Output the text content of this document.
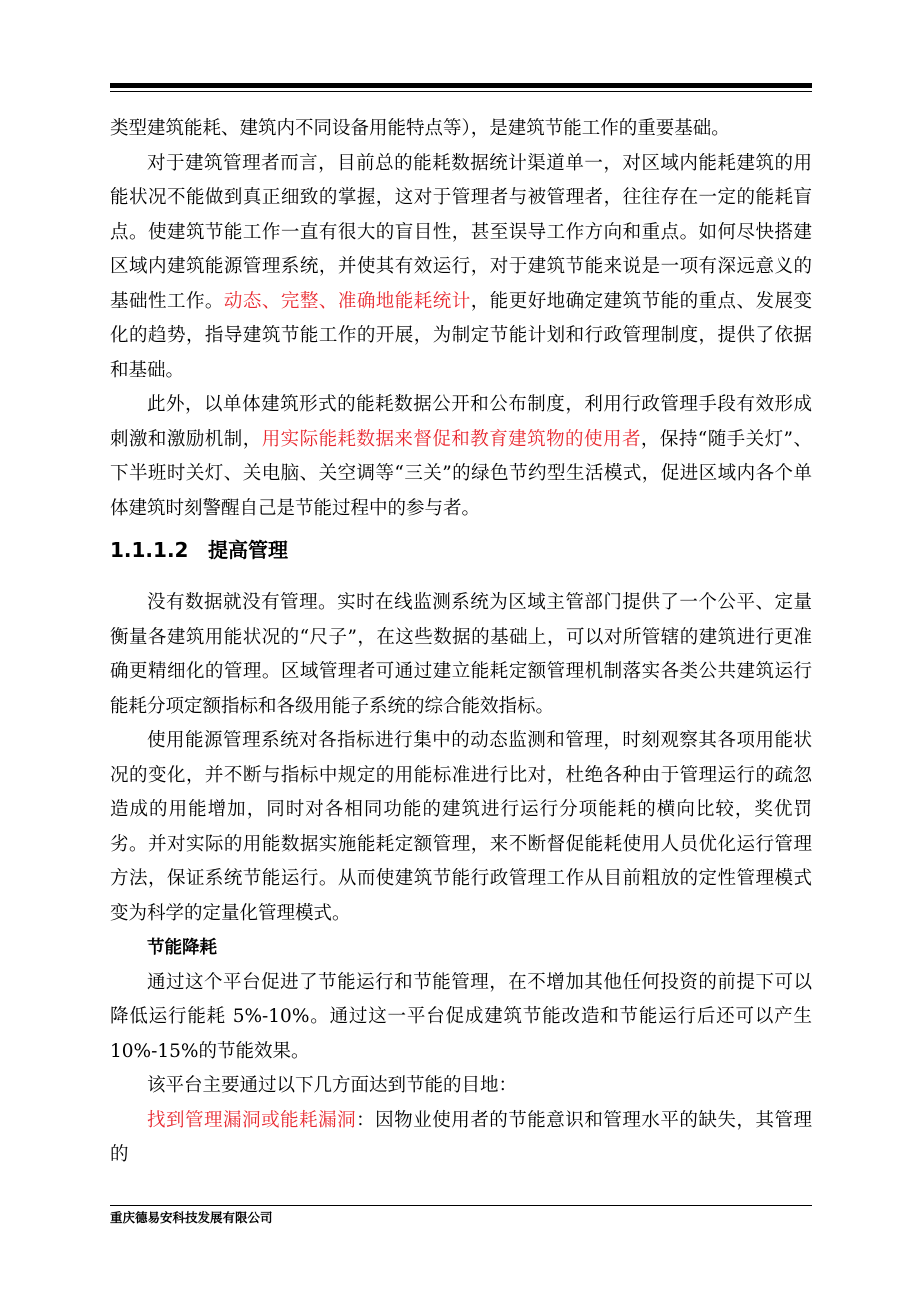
类型建筑能耗、建筑内不同设备用能特点等），是建筑节能工作的重要基础。

对于建筑管理者而言，目前总的能耗数据统计渠道单一，对区域内能耗建筑的用能状况不能做到真正细致的掌握，这对于管理者与被管理者，往往存在一定的能耗盲点。使建筑节能工作一直有很大的盲目性，甚至误导工作方向和重点。如何尽快搭建区域内建筑能源管理系统，并使其有效运行，对于建筑节能来说是一项有深远意义的基础性工作。动态、完整、准确地能耗统计，能更好地确定建筑节能的重点、发展变化的趋势，指导建筑节能工作的开展，为制定节能计划和行政管理制度，提供了依据和基础。

此外，以单体建筑形式的能耗数据公开和公布制度，利用行政管理手段有效形成刺激和激励机制，用实际能耗数据来督促和教育建筑物的使用者，保持“随手关灯”、下半班时关灯、关电脑、关空调等“三关”的绿色节约型生活模式，促进区域内各个单体建筑时刻警醒自己是节能过程中的参与者。

1.1.1.2 提高管理

没有数据就没有管理。实时在线监测系统为区域主管部门提供了一个公平、定量衡量各建筑用能状况的“尺子”，在这些数据的基础上，可以对所管辖的建筑进行更准确更精细化的管理。区域管理者可通过建立能耗定额管理机制落实各类公共建筑运行能耗分项定额指标和各级用能子系统的综合能效指标。

使用能源管理系统对各指标进行集中的动态监测和管理，时刻观察其各项用能状况的变化，并不断与指标中规定的用能标准进行比对，杜绝各种由于管理运行的疏忽造成的用能增加，同时对各相同功能的建筑进行运行分项能耗的横向比较，奖优罚劣。并对实际的用能数据实施能耗定额管理，来不断督促能耗使用人员优化运行管理方法，保证系统节能运行。从而使建筑节能行政管理工作从目前粗放的定性管理模式变为科学的定量化管理模式。

节能降耗

通过这个平台促进了节能运行和节能管理，在不增加其他任何投资的前提下可以降低运行能耗 5%-10%。通过这一平台促成建筑节能改造和节能运行后还可以产生10%-15%的节能效果。

该平台主要通过以下几方面达到节能的目地：

找到管理漏洞或能耗漏洞：因物业使用者的节能意识和管理水平的缺失，其管理的

重庆德易安科技发展有限公司
